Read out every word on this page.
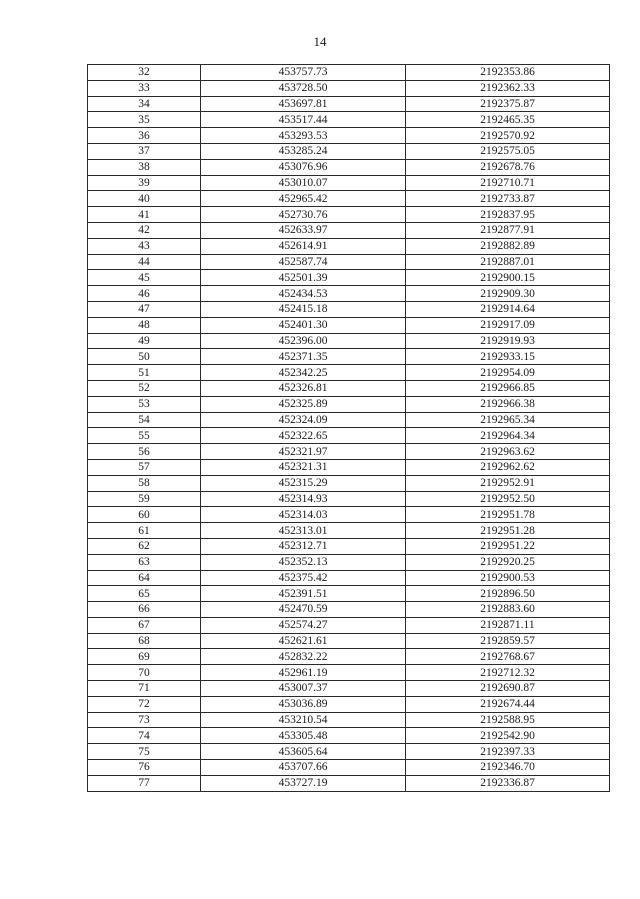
14
32	453757.73	2192353.86
33	453728.50	2192362.33
34	453697.81	2192375.87
35	453517.44	2192465.35
36	453293.53	2192570.92
37	453285.24	2192575.05
38	453076.96	2192678.76
39	453010.07	2192710.71
40	452965.42	2192733.87
41	452730.76	2192837.95
42	452633.97	2192877.91
43	452614.91	2192882.89
44	452587.74	2192887.01
45	452501.39	2192900.15
46	452434.53	2192909.30
47	452415.18	2192914.64
48	452401.30	2192917.09
49	452396.00	2192919.93
50	452371.35	2192933.15
51	452342.25	2192954.09
52	452326.81	2192966.85
53	452325.89	2192966.38
54	452324.09	2192965.34
55	452322.65	2192964.34
56	452321.97	2192963.62
57	452321.31	2192962.62
58	452315.29	2192952.91
59	452314.93	2192952.50
60	452314.03	2192951.78
61	452313.01	2192951.28
62	452312.71	2192951.22
63	452352.13	2192920.25
64	452375.42	2192900.53
65	452391.51	2192896.50
66	452470.59	2192883.60
67	452574.27	2192871.11
68	452621.61	2192859.57
69	452832.22	2192768.67
70	452961.19	2192712.32
71	453007.37	2192690.87
72	453036.89	2192674.44
73	453210.54	2192588.95
74	453305.48	2192542.90
75	453605.64	2192397.33
76	453707.66	2192346.70
77	453727.19	2192336.87
